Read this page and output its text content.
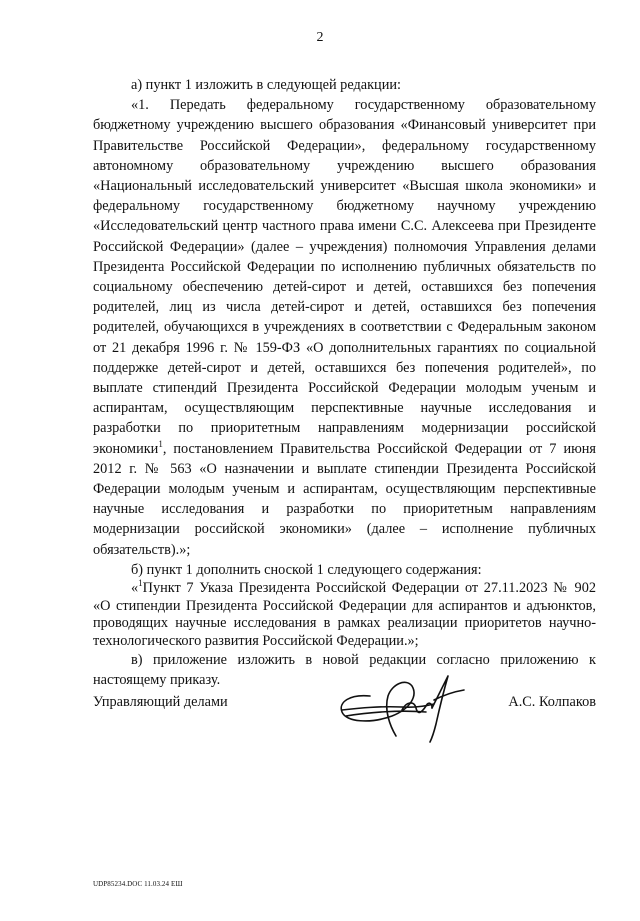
2

а) пункт 1 изложить в следующей редакции:

«1. Передать федеральному государственному образовательному бюджетному учреждению высшего образования «Финансовый университет при Правительстве Российской Федерации», федеральному государственному автономному образовательному учреждению высшего образования «Национальный исследовательский университет «Высшая школа экономики» и федеральному государственному бюджетному научному учреждению «Исследовательский центр частного права имени С.С. Алексеева при Президенте Российской Федерации» (далее – учреждения) полномочия Управления делами Президента Российской Федерации по исполнению публичных обязательств по социальному обеспечению детей-сирот и детей, оставшихся без попечения родителей, лиц из числа детей-сирот и детей, оставшихся без попечения родителей, обучающихся в учреждениях в соответствии с Федеральным законом от 21 декабря 1996 г. № 159-ФЗ «О дополнительных гарантиях по социальной поддержке детей-сирот и детей, оставшихся без попечения родителей», по выплате стипендий Президента Российской Федерации молодым ученым и аспирантам, осуществляющим перспективные научные исследования и разработки по приоритетным направлениям модернизации российской экономики$^1$, постановлением Правительства Российской Федерации от 7 июня 2012 г. № 563 «О назначении и выплате стипендии Президента Российской Федерации молодым ученым и аспирантам, осуществляющим перспективные научные исследования и разработки по приоритетным направлениям модернизации российской экономики» (далее – исполнение публичных обязательств).»;

б) пункт 1 дополнить сноской 1 следующего содержания:

«$^1$Пункт 7 Указа Президента Российской Федерации от 27.11.2023 № 902 «О стипендии Президента Российской Федерации для аспирантов и адъюнктов, проводящих научные исследования в рамках реализации приоритетов научно-технологического развития Российской Федерации.»;

в) приложение изложить в новой редакции согласно приложению к настоящему приказу.

Управляющий делами	А.С. Колпаков
UDP85234.DOC 11.03.24 ЕШ
